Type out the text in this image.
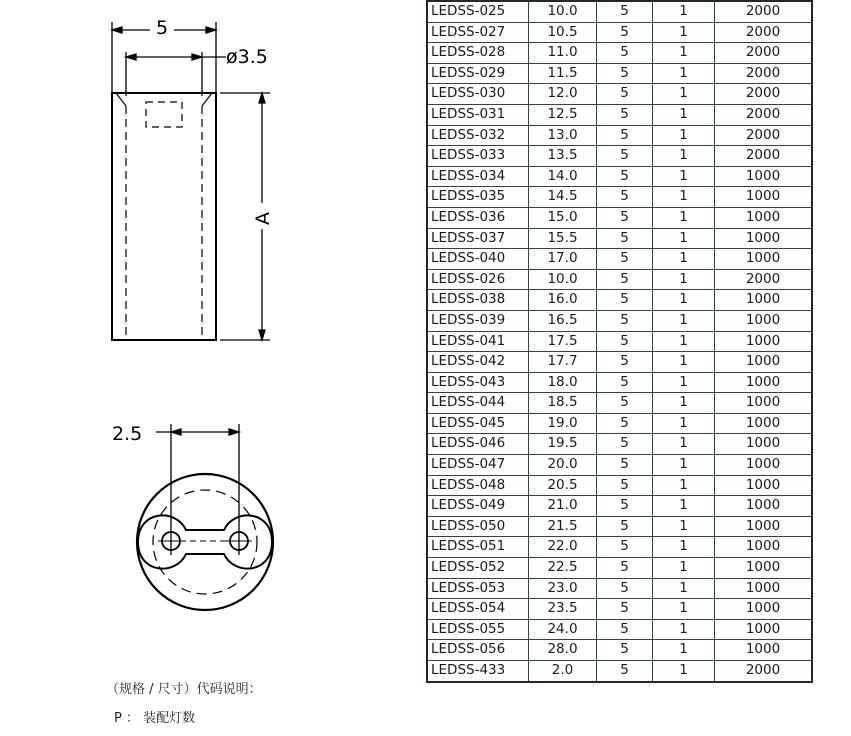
5
ø3.5
A
2.5
LEDSS-025	10.0	5	1	2000
LEDSS-027	10.5	5	1	2000
LEDSS-028	11.0	5	1	2000
LEDSS-029	11.5	5	1	2000
LEDSS-030	12.0	5	1	2000
LEDSS-031	12.5	5	1	2000
LEDSS-032	13.0	5	1	2000
LEDSS-033	13.5	5	1	2000
LEDSS-034	14.0	5	1	1000
LEDSS-035	14.5	5	1	1000
LEDSS-036	15.0	5	1	1000
LEDSS-037	15.5	5	1	1000
LEDSS-040	17.0	5	1	1000
LEDSS-026	10.0	5	1	2000
LEDSS-038	16.0	5	1	1000
LEDSS-039	16.5	5	1	1000
LEDSS-041	17.5	5	1	1000
LEDSS-042	17.7	5	1	1000
LEDSS-043	18.0	5	1	1000
LEDSS-044	18.5	5	1	1000
LEDSS-045	19.0	5	1	1000
LEDSS-046	19.5	5	1	1000
LEDSS-047	20.0	5	1	1000
LEDSS-048	20.5	5	1	1000
LEDSS-049	21.0	5	1	1000
LEDSS-050	21.5	5	1	1000
LEDSS-051	22.0	5	1	1000
LEDSS-052	22.5	5	1	1000
LEDSS-053	23.0	5	1	1000
LEDSS-054	23.5	5	1	1000
LEDSS-055	24.0	5	1	1000
LEDSS-056	28.0	5	1	1000
LEDSS-433	2.0	5	1	2000
（规格 / 尺寸）代码说明：
P ： 装配灯数
